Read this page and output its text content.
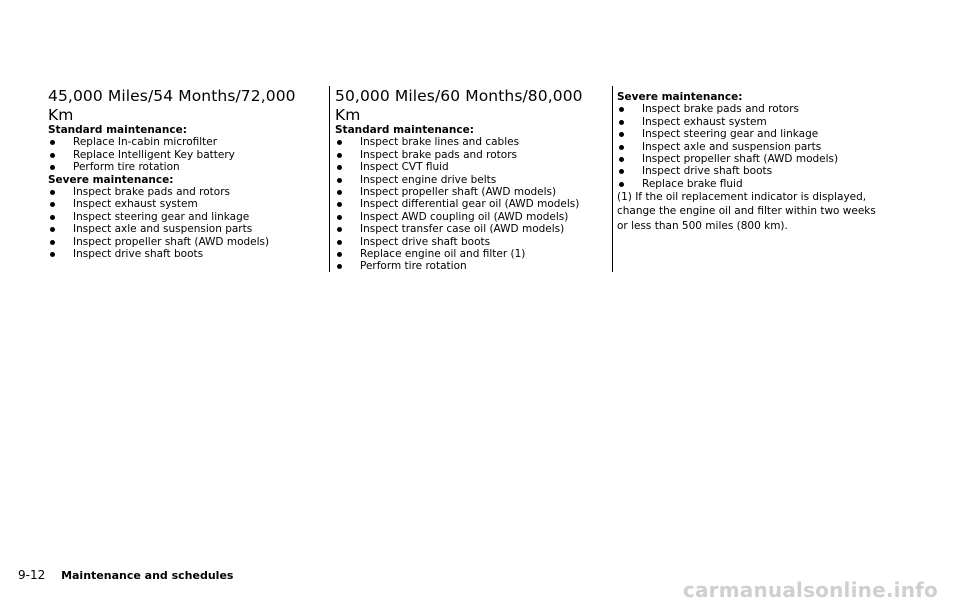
45,000 Miles/54 Months/72,000 Km

Standard maintenance:

Replace In-cabin microfilter
Replace Intelligent Key battery
Perform tire rotation

Severe maintenance:

Inspect brake pads and rotors
Inspect exhaust system
Inspect steering gear and linkage
Inspect axle and suspension parts
Inspect propeller shaft (AWD models)
Inspect drive shaft boots
50,000 Miles/60 Months/80,000 Km

Standard maintenance:

Inspect brake lines and cables
Inspect brake pads and rotors
Inspect CVT fluid
Inspect engine drive belts
Inspect propeller shaft (AWD models)
Inspect differential gear oil (AWD models)
Inspect AWD coupling oil (AWD models)
Inspect transfer case oil (AWD models)
Inspect drive shaft boots
Replace engine oil and filter (1)
Perform tire rotation

Severe maintenance:

Inspect brake pads and rotors
Inspect exhaust system
Inspect steering gear and linkage
Inspect axle and suspension parts
Inspect propeller shaft (AWD models)
Inspect drive shaft boots
Replace brake fluid

(1) If the oil replacement indicator is displayed, change the engine oil and filter within two weeks or less than 500 miles (800 km).

9-12 Maintenance and schedules
carmanualsonline.info
